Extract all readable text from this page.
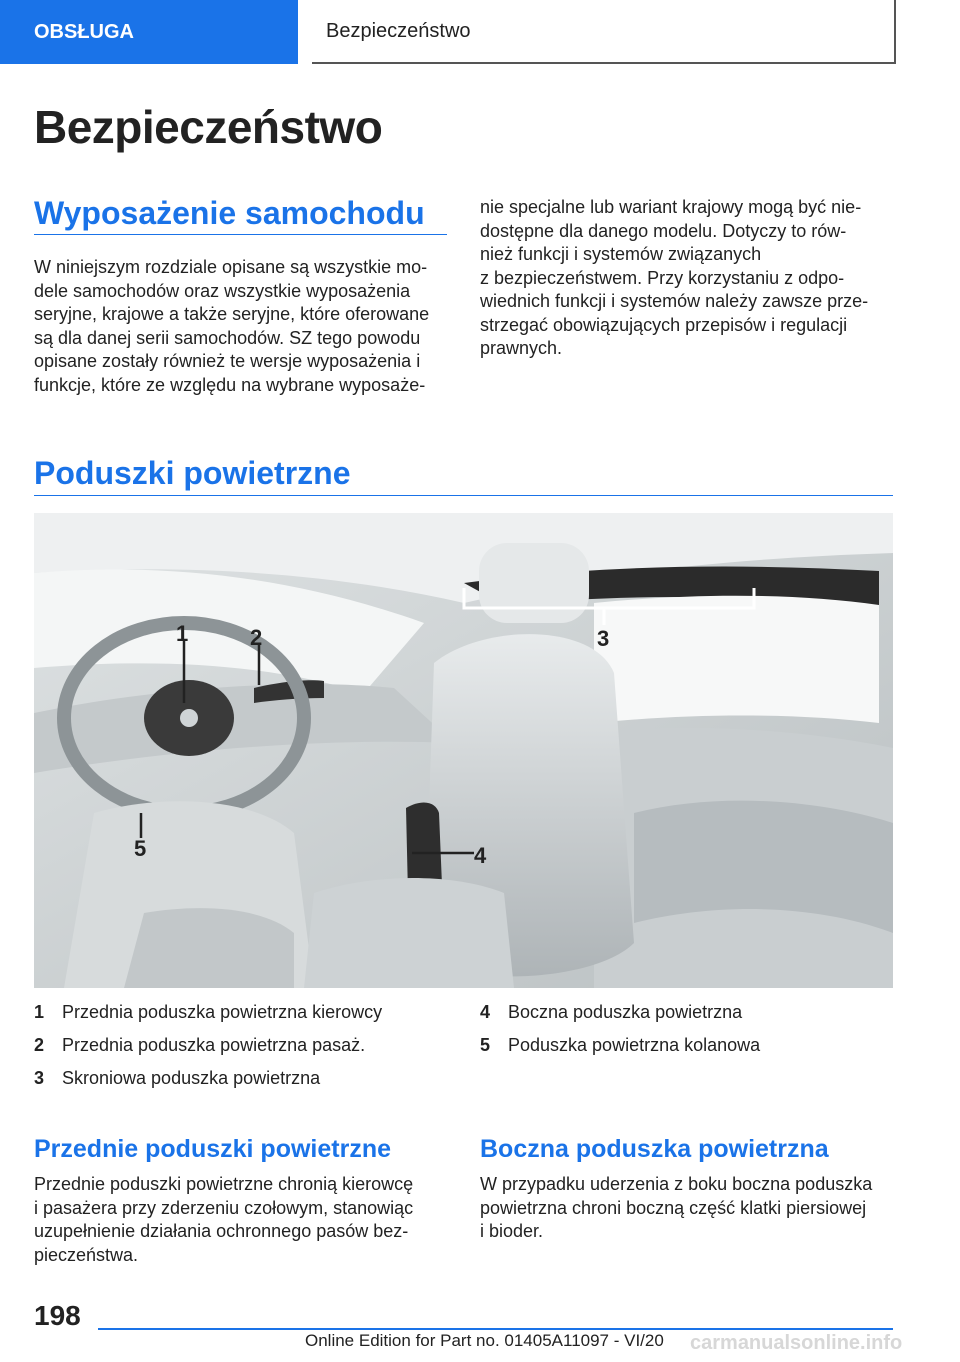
OBSŁUGA	Bezpieczeństwo
Bezpieczeństwo
Wyposażenie samochodu
W niniejszym rozdziale opisane są wszystkie mo‐
dele samochodów oraz wszystkie wyposażenia
seryjne, krajowe a także seryjne, które oferowane
są dla danej serii samochodów. SZ tego powodu
opisane zostały również te wersje wyposażenia i
funkcje, które ze względu na wybrane wyposaże‐
nie specjalne lub wariant krajowy mogą być nie‐
dostępne dla danego modelu. Dotyczy to rów‐
nież funkcji i systemów związanych
z bezpieczeństwem. Przy korzystaniu z odpo‐
wiednich funkcji i systemów należy zawsze prze‐
strzegać obowiązujących przepisów i regulacji
prawnych.
Poduszki powietrzne
1	2	3
4
5
1 Przednia poduszka powietrzna kierowcy
2 Przednia poduszka powietrzna pasaż.
3 Skroniowa poduszka powietrzna
4 Boczna poduszka powietrzna
5 Poduszka powietrzna kolanowa
Przednie poduszki powietrzne
Przednie poduszki powietrzne chronią kierowcę
i pasażera przy zderzeniu czołowym, stanowiąc
uzupełnienie działania ochronnego pasów bez‐
pieczeństwa.
Boczna poduszka powietrzna
W przypadku uderzenia z boku boczna poduszka
powietrzna chroni boczną część klatki piersiowej
i bioder.
198
carmanualsonline.info
Online Edition for Part no. 01405A11097 - VI/20
